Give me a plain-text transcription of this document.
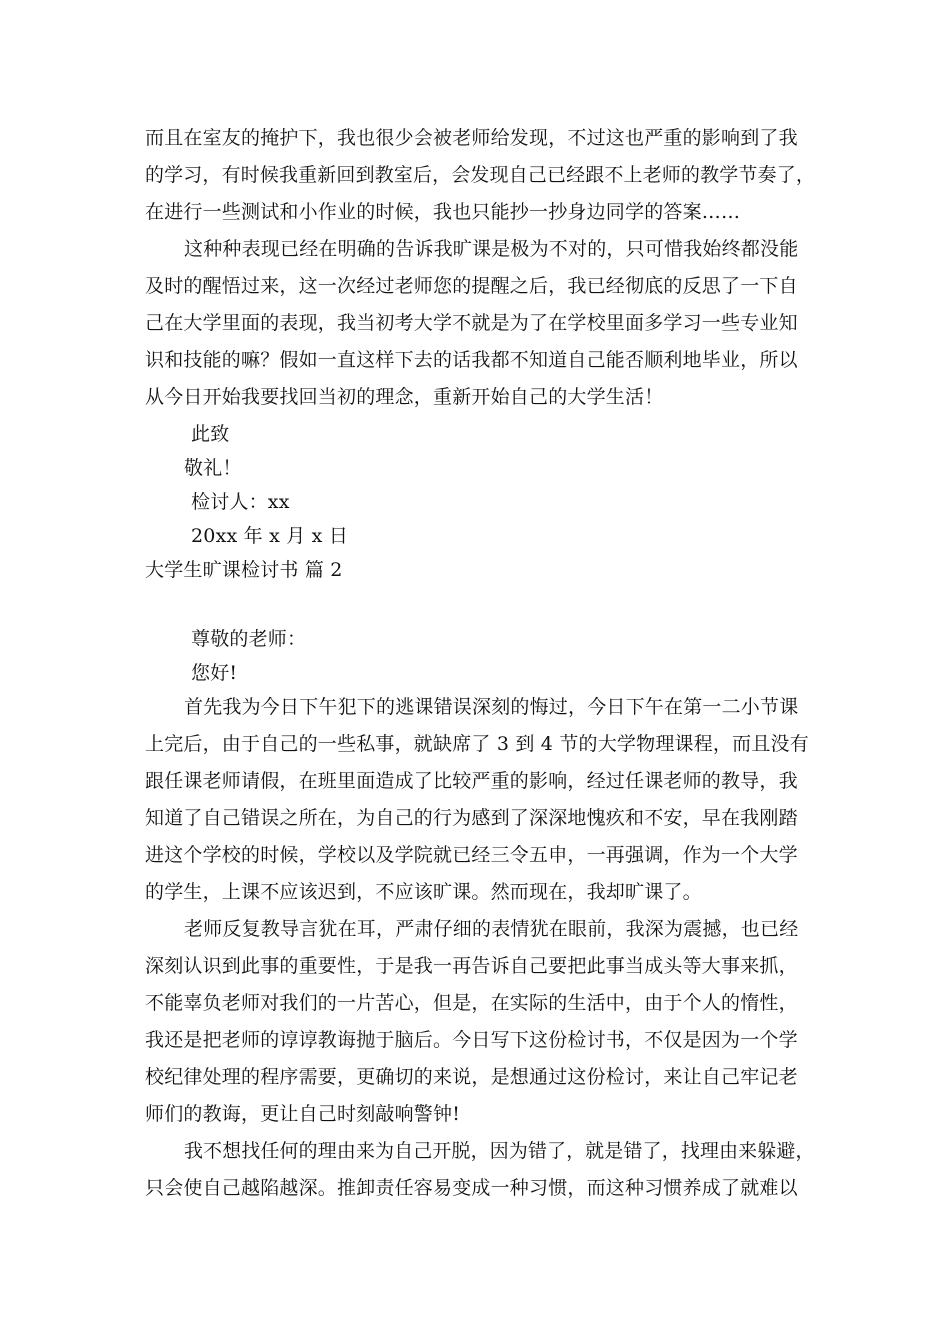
而且在室友的掩护下，我也很少会被老师给发现，不过这也严重的影响到了我
的学习，有时候我重新回到教室后，会发现自己已经跟不上老师的教学节奏了，
在进行一些测试和小作业的时候，我也只能抄一抄身边同学的答案……
这种种表现已经在明确的告诉我旷课是极为不对的，只可惜我始终都没能
及时的醒悟过来，这一次经过老师您的提醒之后，我已经彻底的反思了一下自
己在大学里面的表现，我当初考大学不就是为了在学校里面多学习一些专业知
识和技能的嘛？假如一直这样下去的话我都不知道自己能否顺利地毕业，所以
从今日开始我要找回当初的理念，重新开始自己的大学生活！
此致
敬礼！
检讨人：xx
20xx 年 x 月 x 日
大学生旷课检讨书 篇 2
尊敬的老师：
您好!
首先我为今日下午犯下的逃课错误深刻的悔过，今日下午在第一二小节课
上完后，由于自己的一些私事，就缺席了 3 到 4 节的大学物理课程，而且没有
跟任课老师请假，在班里面造成了比较严重的影响，经过任课老师的教导，我
知道了自己错误之所在，为自己的行为感到了深深地愧疚和不安，早在我刚踏
进这个学校的时候，学校以及学院就已经三令五申，一再强调，作为一个大学
的学生，上课不应该迟到，不应该旷课。然而现在，我却旷课了。
老师反复教导言犹在耳，严肃仔细的表情犹在眼前，我深为震撼，也已经
深刻认识到此事的重要性，于是我一再告诉自己要把此事当成头等大事来抓，
不能辜负老师对我们的一片苦心，但是，在实际的生活中，由于个人的惰性，
我还是把老师的谆谆教诲抛于脑后。今日写下这份检讨书，不仅是因为一个学
校纪律处理的程序需要，更确切的来说，是想通过这份检讨，来让自己牢记老
师们的教诲，更让自己时刻敲响警钟!
我不想找任何的理由来为自己开脱，因为错了，就是错了，找理由来躲避，
只会使自己越陷越深。推卸责任容易变成一种习惯，而这种习惯养成了就难以
